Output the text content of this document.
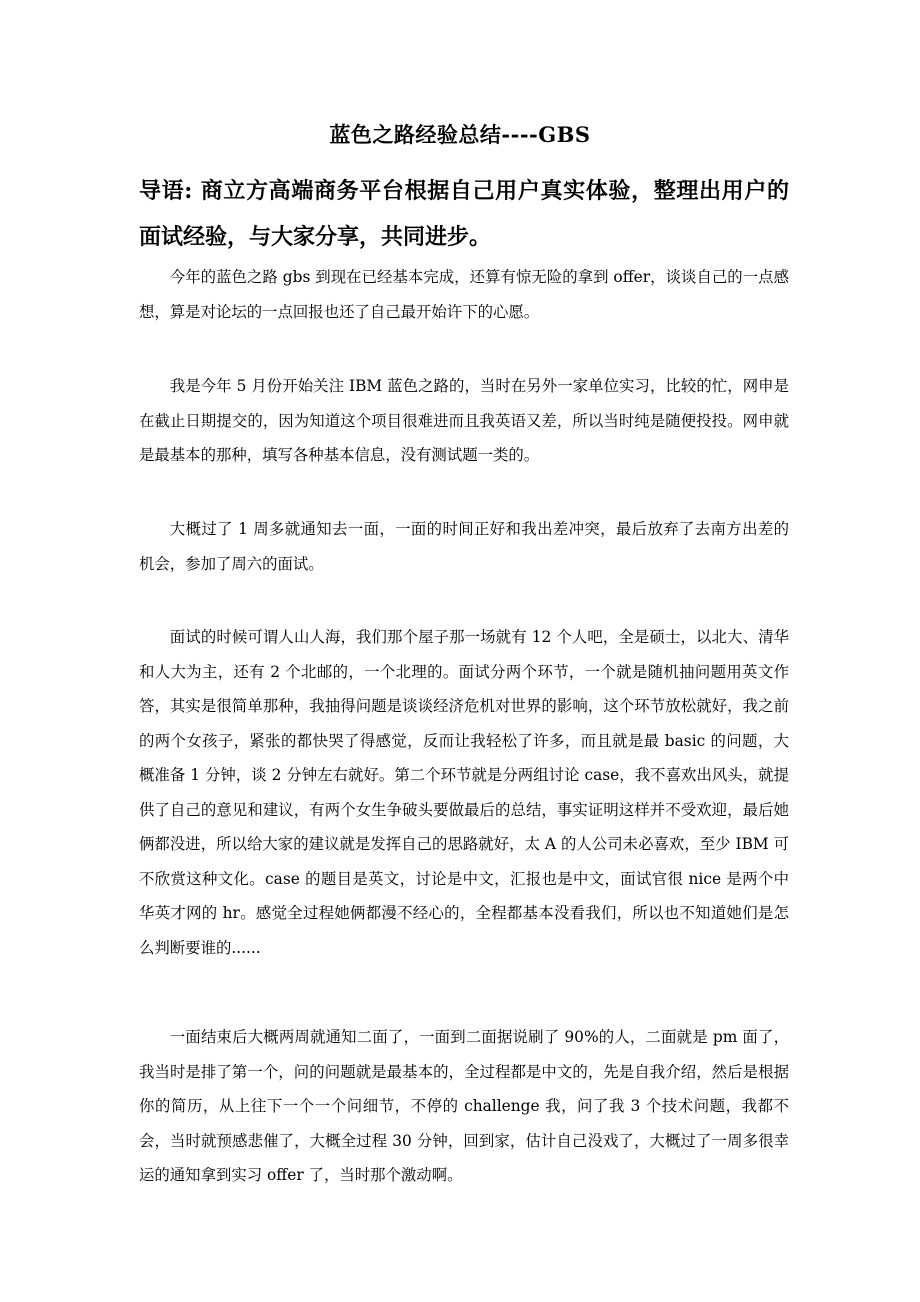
蓝色之路经验总结----GBS

导语: 商立方高端商务平台根据自己用户真实体验，整理出用户的面试经验，与大家分享，共同进步。

今年的蓝色之路 gbs 到现在已经基本完成，还算有惊无险的拿到 offer，谈谈自己的一点感想，算是对论坛的一点回报也还了自己最开始许下的心愿。

我是今年 5 月份开始关注 IBM 蓝色之路的，当时在另外一家单位实习，比较的忙，网申是在截止日期提交的，因为知道这个项目很难进而且我英语又差，所以当时纯是随便投投。网申就是最基本的那种，填写各种基本信息，没有测试题一类的。

大概过了 1 周多就通知去一面，一面的时间正好和我出差冲突，最后放弃了去南方出差的机会，参加了周六的面试。

面试的时候可谓人山人海，我们那个屋子那一场就有 12 个人吧，全是硕士，以北大、清华和人大为主，还有 2 个北邮的，一个北理的。面试分两个环节，一个就是随机抽问题用英文作答，其实是很简单那种，我抽得问题是谈谈经济危机对世界的影响，这个环节放松就好，我之前的两个女孩子，紧张的都快哭了得感觉，反而让我轻松了许多，而且就是最 basic 的问题，大概准备 1 分钟，谈 2 分钟左右就好。第二个环节就是分两组讨论 case，我不喜欢出风头，就提供了自己的意见和建议，有两个女生争破头要做最后的总结，事实证明这样并不受欢迎，最后她俩都没进，所以给大家的建议就是发挥自己的思路就好，太 A 的人公司未必喜欢，至少 IBM 可不欣赏这种文化。case 的题目是英文，讨论是中文，汇报也是中文，面试官很 nice 是两个中华英才网的 hr。感觉全过程她俩都漫不经心的，全程都基本没看我们，所以也不知道她们是怎么判断要谁的......

一面结束后大概两周就通知二面了，一面到二面据说刷了 90%的人，二面就是 pm 面了，我当时是排了第一个，问的问题就是最基本的，全过程都是中文的，先是自我介绍，然后是根据你的简历，从上往下一个一个问细节，不停的 challenge 我，问了我 3 个技术问题，我都不会，当时就预感悲催了，大概全过程 30 分钟，回到家，估计自己没戏了，大概过了一周多很幸运的通知拿到实习 offer 了，当时那个激动啊。
